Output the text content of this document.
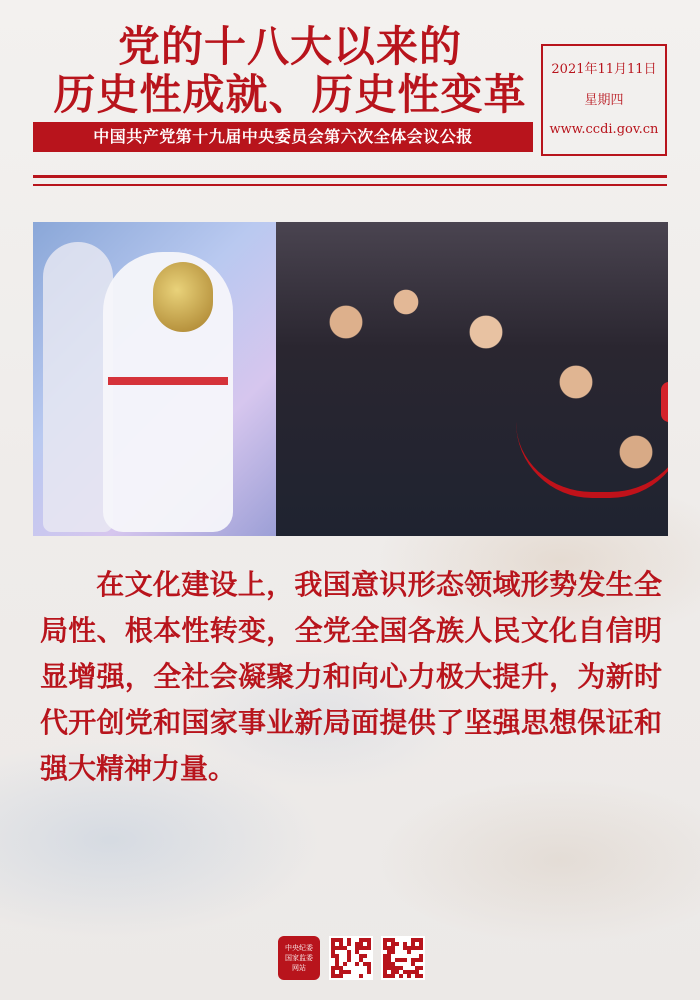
党的十八大以来的
历史性成就、历史性变革
中国共产党第十九届中央委员会第六次全体会议公报
2021年11月11日
星期四
www.ccdi.gov.cn
在文化建设上，我国意识形态领域形势发生全局性、根本性转变，全党全国各族人民文化自信明显增强，全社会凝聚力和向心力极大提升，为新时代开创党和国家事业新局面提供了坚强思想保证和强大精神力量。
中央纪委
国家监委
网站
